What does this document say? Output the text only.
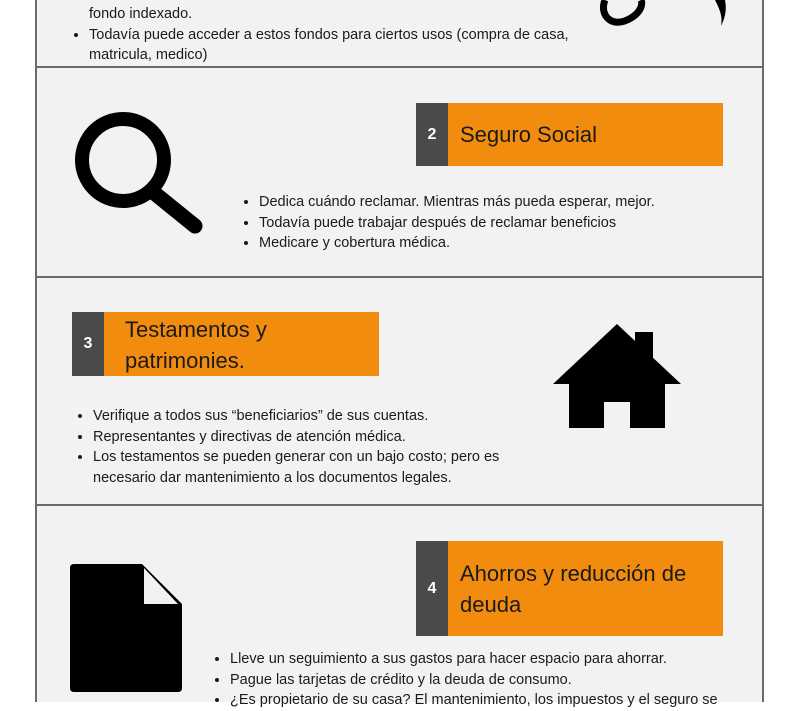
fondo indexado.
• Todavía puede acceder a estos fondos para ciertos usos (compra de casa, matricula, medico)
2	Seguro Social
• Dedica cuándo reclamar. Mientras más pueda esperar, mejor.
• Todavía puede trabajar después de reclamar beneficios
• Medicare y cobertura médica.
3
Testamentos y patrimonies.
• Verifique a todos sus “beneficiarios” de sus cuentas.
• Representantes y directivas de atención médica.
• Los testamentos se pueden generar con un bajo costo; pero es necesario dar mantenimiento a los documentos legales.
4
Ahorros y reducción de deuda
• Lleve un seguimiento a sus gastos para hacer espacio para ahorrar.
• Pague las tarjetas de crédito y la deuda de consumo.
• ¿Es propietario de su casa? El mantenimiento, los impuestos y el seguro se
